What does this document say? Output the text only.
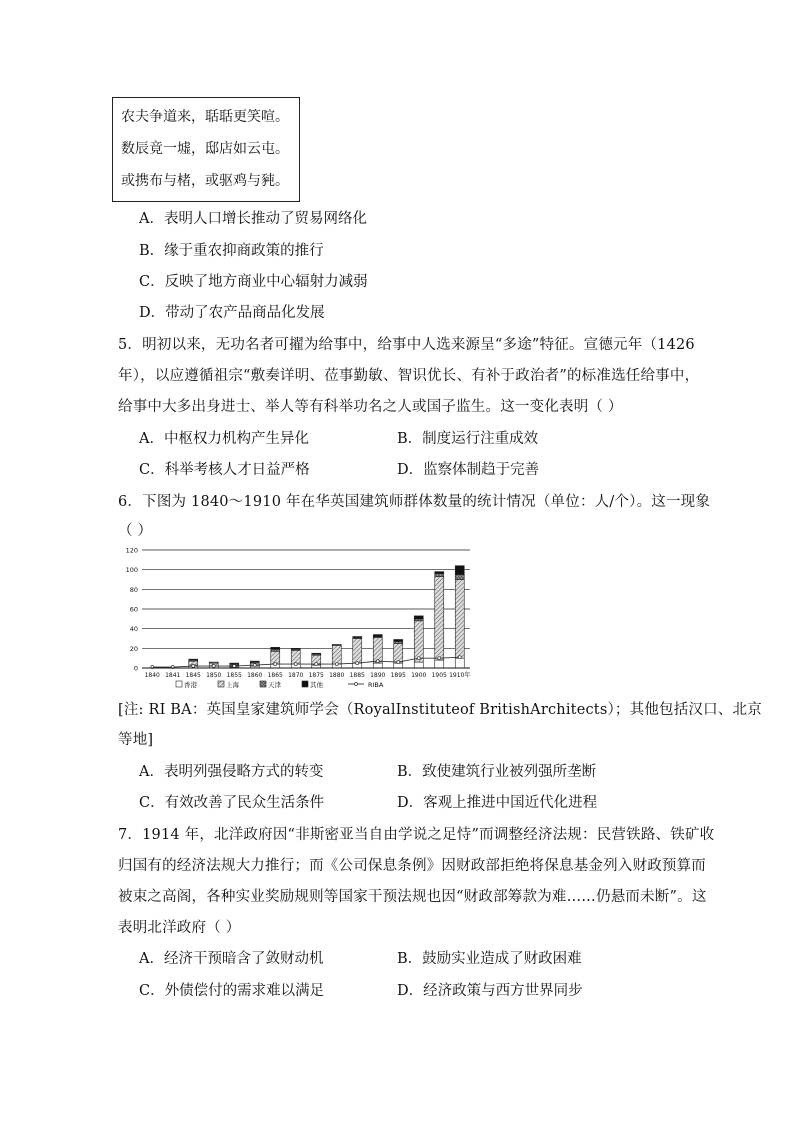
农夫争道来，聒聒更笑喧。
数辰竟一墟，邸店如云屯。
或携布与楮，或驱鸡与豘。
A．表明人口增长推动了贸易网络化
B．缘于重农抑商政策的推行
C．反映了地方商业中心辐射力减弱
D．带动了农产品商品化发展
5．明初以来，无功名者可擢为给事中，给事中人选来源呈“多途”特征。宣德元年（1426
年），以应遵循祖宗“敷奏详明、莅事勤敏、智识优长、有补于政治者”的标准选任给事中，
给事中大多出身进士、举人等有科举功名之人或国子监生。这一变化表明（ ）
A．中枢权力机构产生异化	B．制度运行注重成效
C．科举考核人才日益严格	D．监察体制趋于完善
6．下图为 1840～1910 年在华英国建筑师群体数量的统计情况（单位：人/个）。这一现象
（ ）
0
20
40
60
80
100
120
1840 1841 1845 1850 1855 1860 1865 1870 1875 1880 1885 1890 1895 1900 1905 1910年
香港	上海	天津	其他	RIBA
[注: RI BA：英国皇家建筑师学会（RoyalInstituteof BritishArchitects）；其他包括汉口、北京
等地]
A．表明列强侵略方式的转变	B．致使建筑行业被列强所垄断
C．有效改善了民众生活条件	D．客观上推进中国近代化进程
7．1914 年，北洋政府因“非斯密亚当自由学说之足恃”而调整经济法规：民营铁路、铁矿收
归国有的经济法规大力推行；而《公司保息条例》因财政部拒绝将保息基金列入财政预算而
被束之高阁，各种实业奖励规则等国家干预法规也因“财政部筹款为难……仍悬而未断”。这
表明北洋政府（ ）
A．经济干预暗含了敛财动机	B．鼓励实业造成了财政困难
C．外债偿付的需求难以满足	D．经济政策与西方世界同步
